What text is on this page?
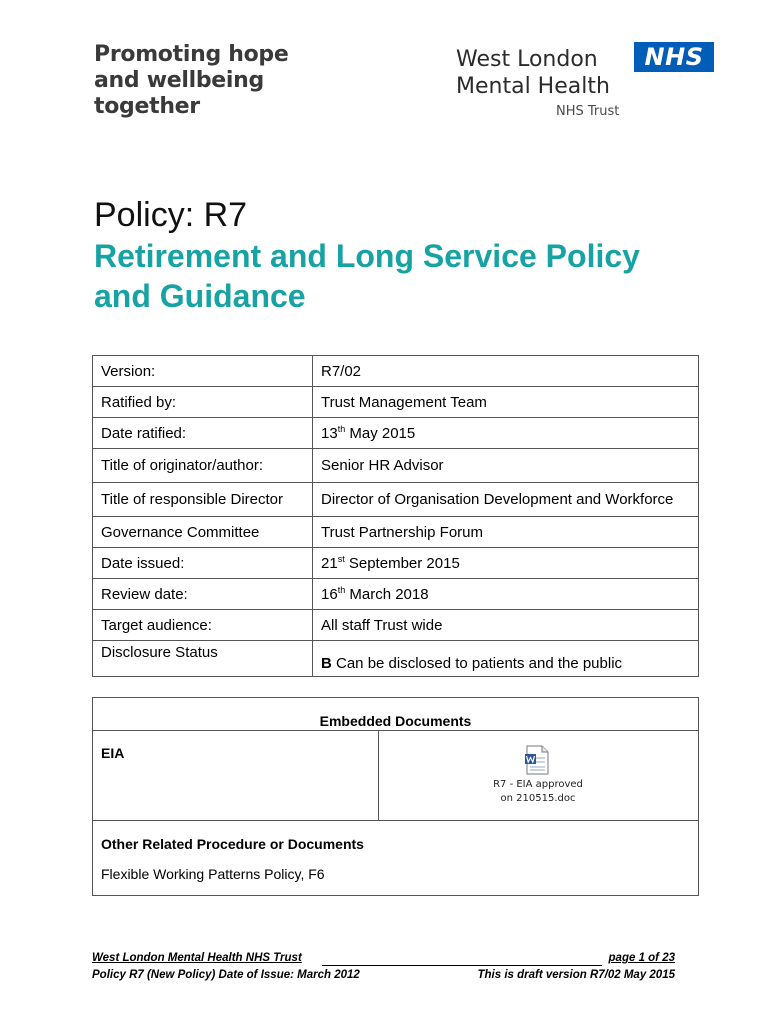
Promoting hope
and wellbeing
together
West London
Mental Health
NHS
NHS Trust
Policy: R7
Retirement and Long Service Policy and Guidance
Version:	R7/02
Ratified by:	Trust Management Team
Date ratified:	13th May 2015
Title of originator/author:	Senior HR Advisor
Title of responsible Director	Director of Organisation Development and Workforce
Governance Committee	Trust Partnership Forum
Date issued:	21st September 2015
Review date:	16th March 2018
Target audience:	All staff Trust wide
Disclosure Status	B Can be disclosed to patients and the public
Embedded Documents
EIA
R7 - EIA approved
on 210515.doc
Other Related Procedure or Documents
Flexible Working Patterns Policy, F6
West London Mental Health NHS Trust	page 1 of 23
Policy R7 (New Policy) Date of Issue: March 2012	This is draft version R7/02 May 2015
